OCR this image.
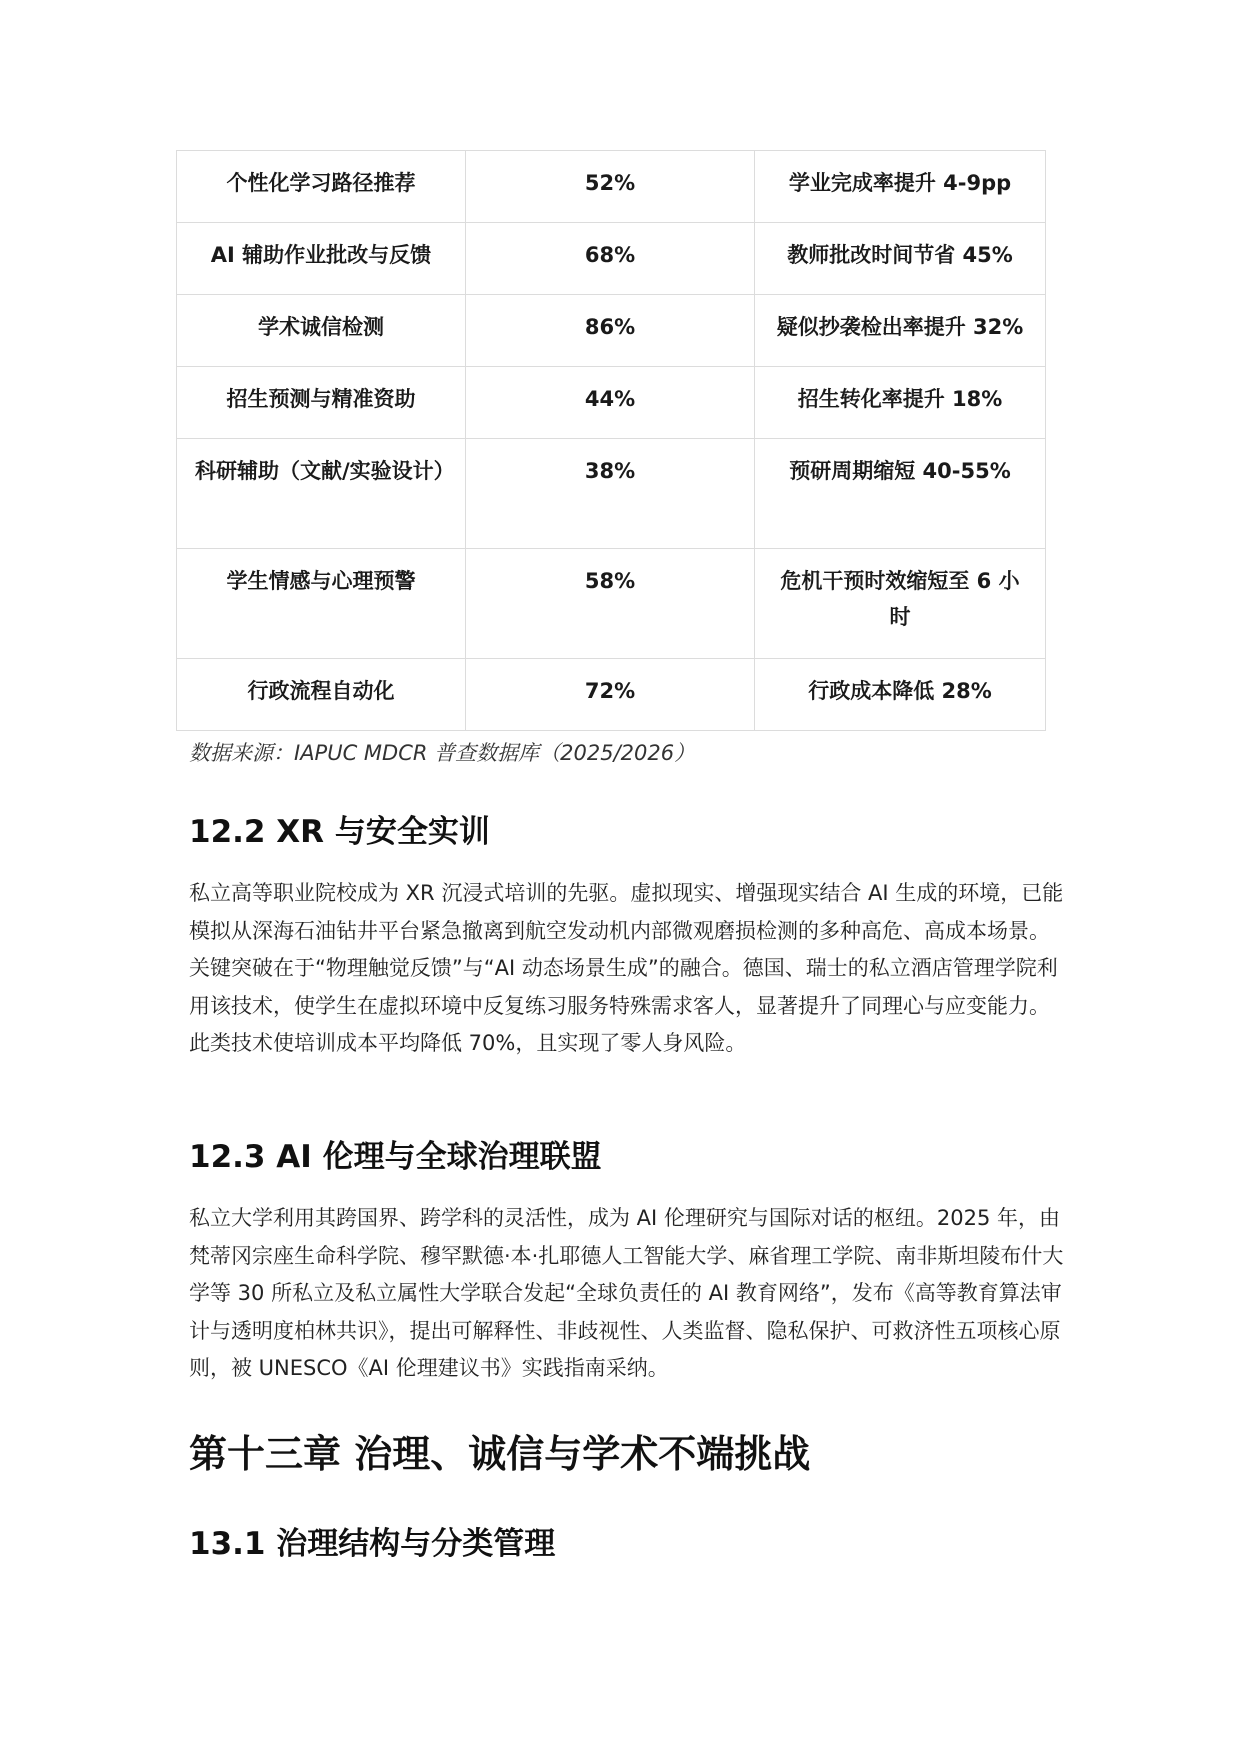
个性化学习路径推荐	52%	学业完成率提升 4-9pp
AI 辅助作业批改与反馈	68%	教师批改时间节省 45%
学术诚信检测	86%	疑似抄袭检出率提升 32%
招生预测与精准资助	44%	招生转化率提升 18%
科研辅助（文献/实验设计）	38%	预研周期缩短 40-55%
学生情感与心理预警	58%	危机干预时效缩短至 6 小时
行政流程自动化	72%	行政成本降低 28%

数据来源：IAPUC MDCR 普查数据库（2025/2026）

12.2 XR 与安全实训

私立高等职业院校成为 XR 沉浸式培训的先驱。虚拟现实、增强现实结合 AI 生成的环境，已能模拟从深海石油钻井平台紧急撤离到航空发动机内部微观磨损检测的多种高危、高成本场景。关键突破在于“物理触觉反馈”与“AI 动态场景生成”的融合。德国、瑞士的私立酒店管理学院利用该技术，使学生在虚拟环境中反复练习服务特殊需求客人，显著提升了同理心与应变能力。此类技术使培训成本平均降低 70%，且实现了零人身风险。

12.3 AI 伦理与全球治理联盟

私立大学利用其跨国界、跨学科的灵活性，成为 AI 伦理研究与国际对话的枢纽。2025 年，由梵蒂冈宗座生命科学院、穆罕默德·本·扎耶德人工智能大学、麻省理工学院、南非斯坦陵布什大学等 30 所私立及私立属性大学联合发起“全球负责任的 AI 教育网络”，发布《高等教育算法审计与透明度柏林共识》，提出可解释性、非歧视性、人类监督、隐私保护、可救济性五项核心原则，被 UNESCO《AI 伦理建议书》实践指南采纳。

第十三章 治理、诚信与学术不端挑战
13.1 治理结构与分类管理
